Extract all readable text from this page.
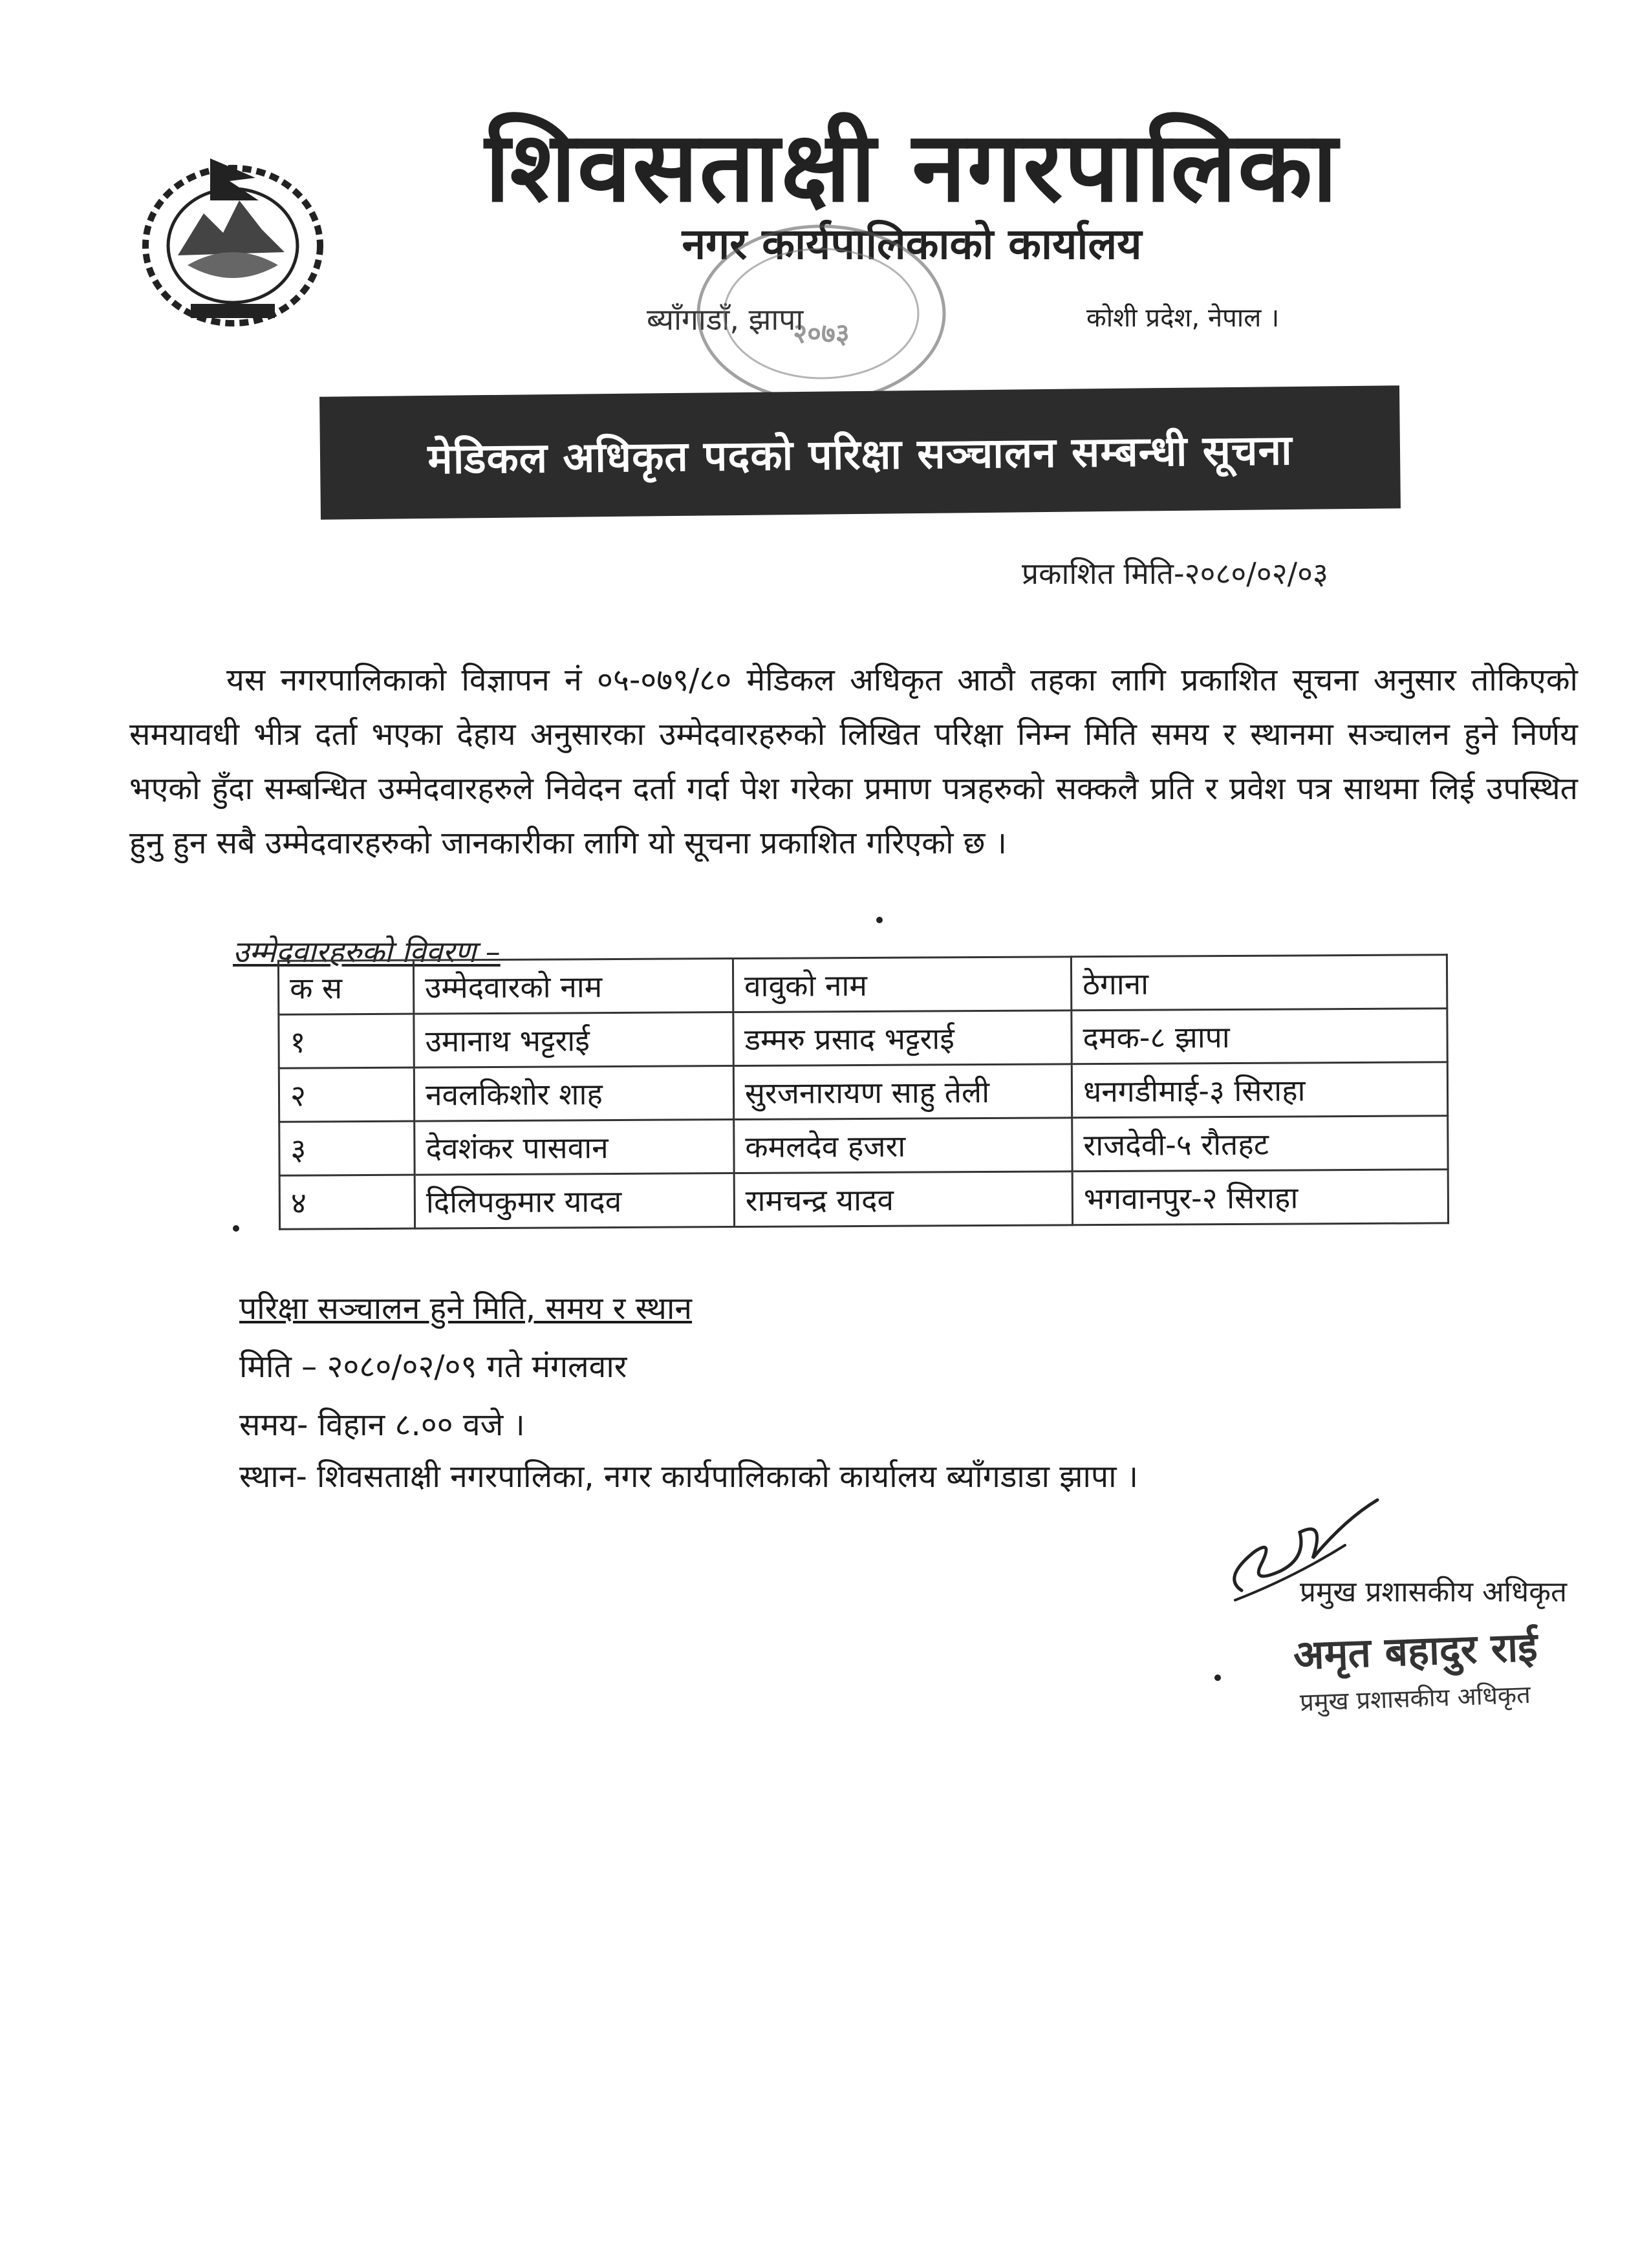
शिवसताक्षी नगरपालिका
नगर कार्यपालिकाको कार्यालय
ब्याँगाडाँ, झापा	कोशी प्रदेश, नेपाल ।
२०७३
मेडिकल अधिकृत पदको परिक्षा सञ्चालन सम्बन्धी सूचना
प्रकाशित मिति-२०८०/०२/०३
यस नगरपालिकाको विज्ञापन नं ०५-०७९/८० मेडिकल अधिकृत आठौ तहका लागि प्रकाशित सूचना अनुसार तोकिएको समयावधी भीत्र दर्ता भएका देहाय अनुसारका उम्मेदवारहरुको लिखित परिक्षा निम्न मिति समय र स्थानमा सञ्चालन हुने निर्णय भएको हुँदा सम्बन्धित उम्मेदवारहरुले निवेदन दर्ता गर्दा पेश गरेका प्रमाण पत्रहरुको सक्कलै प्रति र प्रवेश पत्र साथमा लिई उपस्थित हुनु हुन सबै उम्मेदवारहरुको जानकारीका लागि यो सूचना प्रकाशित गरिएको छ ।
उम्मेदवारहरुको विवरण –
क स	उम्मेदवारको नाम	वावुको नाम	ठेगाना
१	उमानाथ भट्टराई	डम्मरु प्रसाद भट्टराई	दमक-८ झापा
२	नवलकिशोर शाह	सुरजनारायण साहु तेली	धनगडीमाई-३ सिराहा
३	देवशंकर पासवान	कमलदेव हजरा	राजदेवी-५ रौतहट
४	दिलिपकुमार यादव	रामचन्द्र यादव	भगवानपुर-२ सिराहा
परिक्षा सञ्चालन हुने मिति, समय र स्थान
मिति – २०८०/०२/०९ गते मंगलवार
समय- विहान ८.०० वजे ।
स्थान- शिवसताक्षी नगरपालिका, नगर कार्यपालिकाको कार्यालय ब्याँगडाडा झापा ।
प्रमुख प्रशासकीय अधिकृत
अमृत बहादुर राई
प्रमुख प्रशासकीय अधिकृत
